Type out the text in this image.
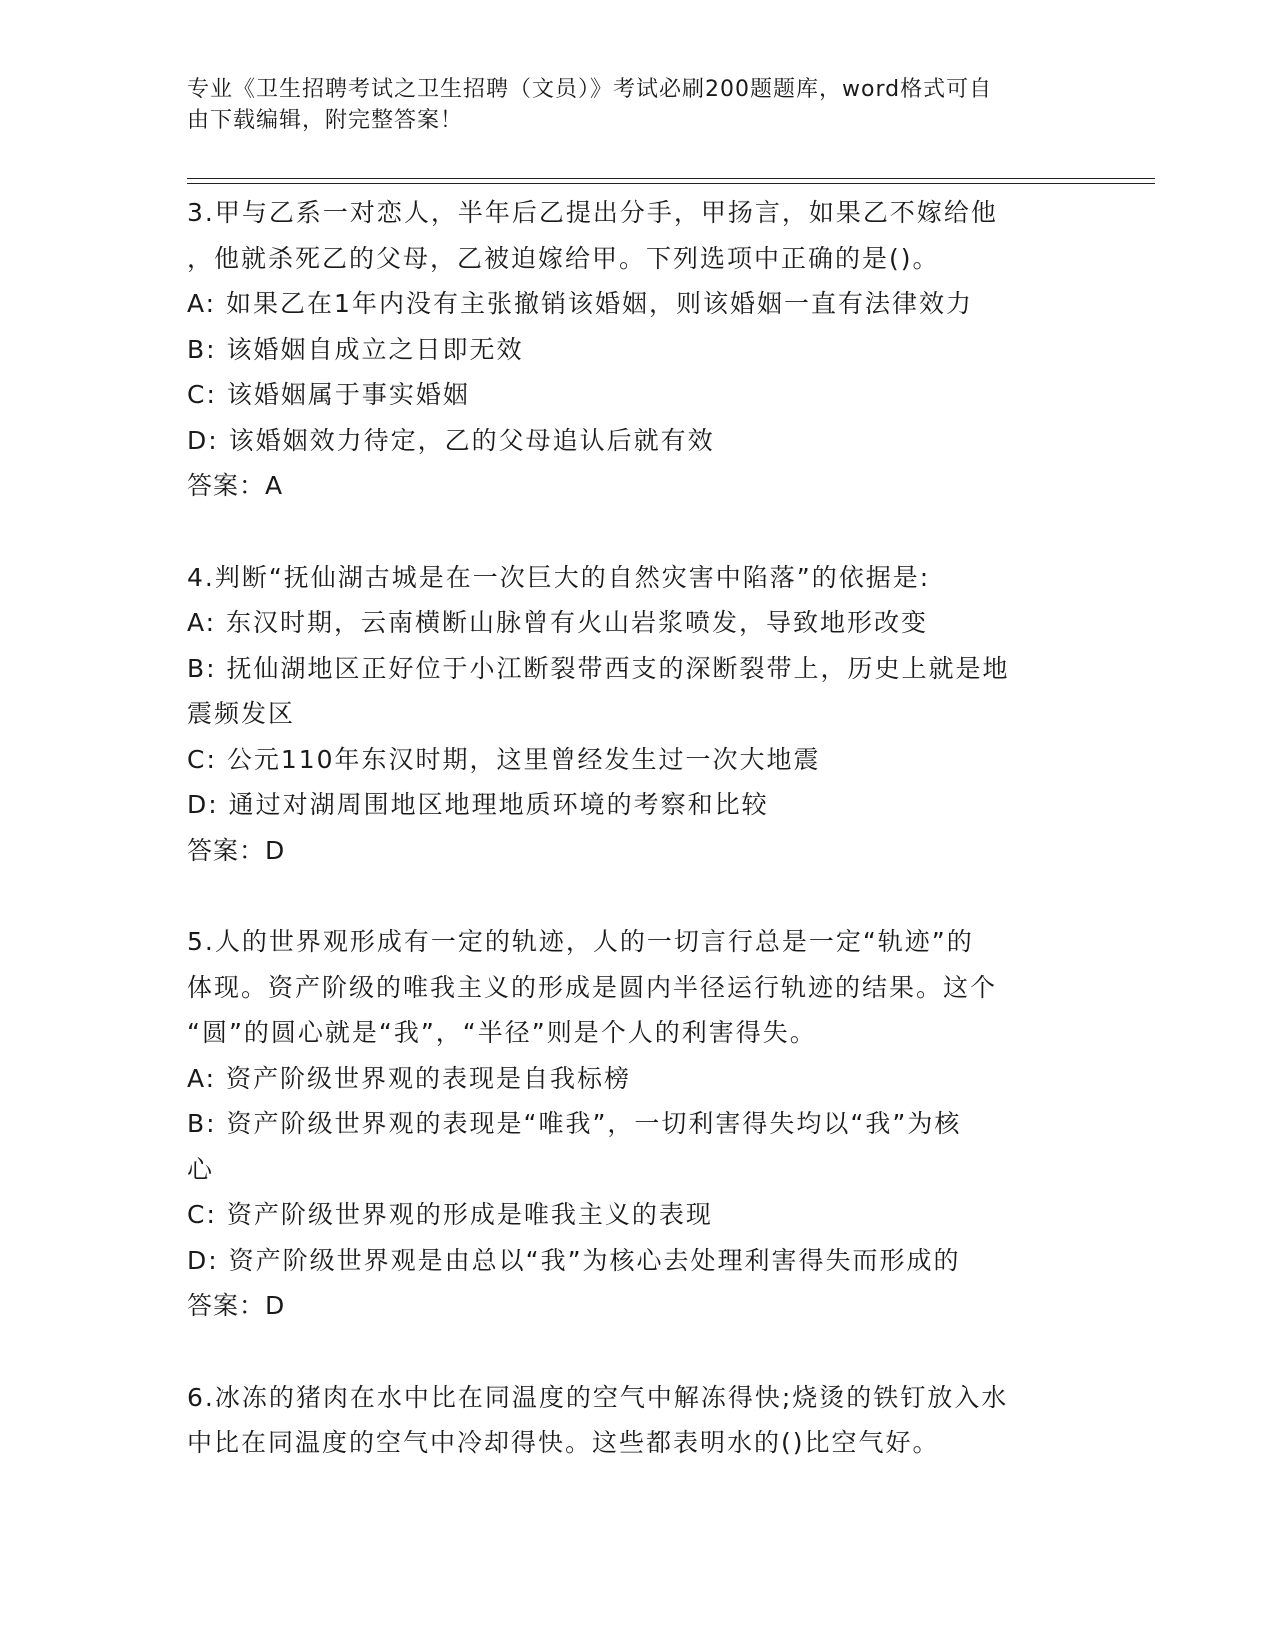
专业《卫生招聘考试之卫生招聘（文员）》考试必刷200题题库，word格式可自
由下载编辑，附完整答案！
3.甲与乙系一对恋人，半年后乙提出分手，甲扬言，如果乙不嫁给他
，他就杀死乙的父母，乙被迫嫁给甲。下列选项中正确的是()。
A: 如果乙在1年内没有主张撤销该婚姻，则该婚姻一直有法律效力
B: 该婚姻自成立之日即无效
C: 该婚姻属于事实婚姻
D: 该婚姻效力待定，乙的父母追认后就有效
答案：A
4.判断“抚仙湖古城是在一次巨大的自然灾害中陷落”的依据是:
A: 东汉时期，云南横断山脉曾有火山岩浆喷发，导致地形改变
B: 抚仙湖地区正好位于小江断裂带西支的深断裂带上，历史上就是地
震频发区
C: 公元110年东汉时期，这里曾经发生过一次大地震
D: 通过对湖周围地区地理地质环境的考察和比较
答案：D
5.人的世界观形成有一定的轨迹，人的一切言行总是一定“轨迹”的
体现。资产阶级的唯我主义的形成是圆内半径运行轨迹的结果。这个
“圆”的圆心就是“我”，“半径”则是个人的利害得失。
A: 资产阶级世界观的表现是自我标榜
B: 资产阶级世界观的表现是“唯我”，一切利害得失均以“我”为核
心
C: 资产阶级世界观的形成是唯我主义的表现
D: 资产阶级世界观是由总以“我”为核心去处理利害得失而形成的
答案：D
6.冰冻的猪肉在水中比在同温度的空气中解冻得快;烧烫的铁钉放入水
中比在同温度的空气中冷却得快。这些都表明水的()比空气好。
